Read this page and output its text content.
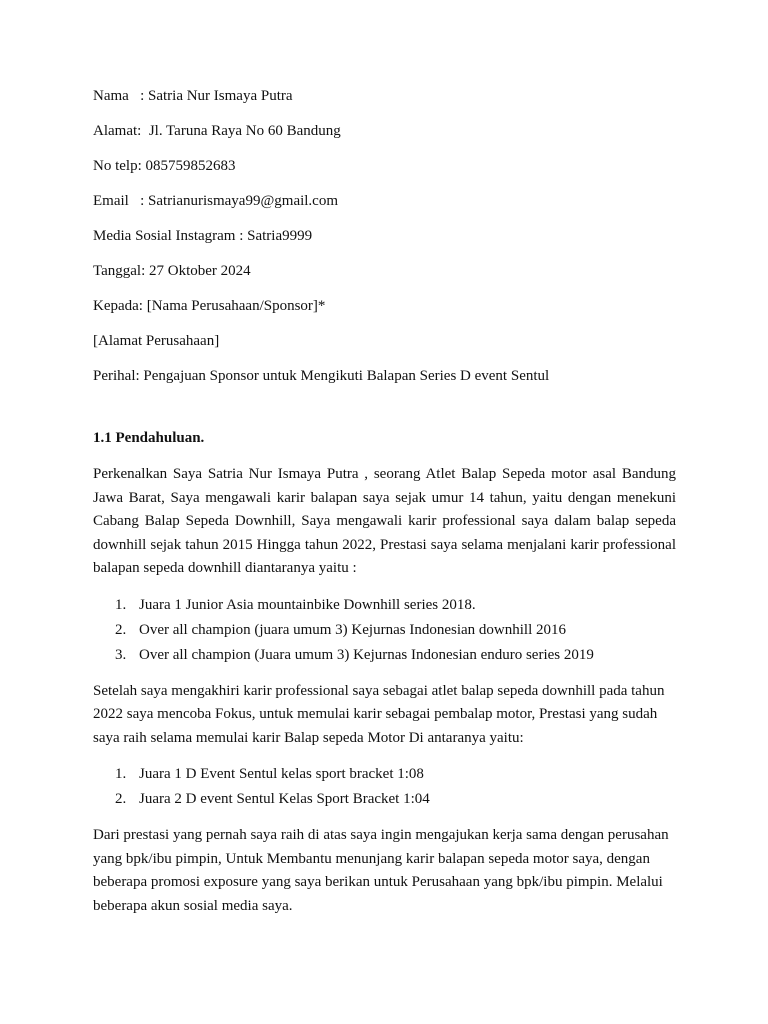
Nama   : Satria Nur Ismaya Putra

Alamat:  Jl. Taruna Raya No 60 Bandung

No telp: 085759852683

Email   : Satrianurismaya99@gmail.com

Media Sosial Instagram : Satria9999

Tanggal: 27 Oktober 2024

Kepada: [Nama Perusahaan/Sponsor]*

[Alamat Perusahaan]

Perihal: Pengajuan Sponsor untuk Mengikuti Balapan Series D event Sentul

1.1 Pendahuluan.

Perkenalkan Saya Satria Nur Ismaya Putra , seorang Atlet Balap Sepeda motor asal Bandung Jawa Barat, Saya mengawali karir balapan saya sejak umur 14 tahun, yaitu dengan menekuni Cabang Balap Sepeda Downhill, Saya mengawali karir professional saya dalam balap sepeda downhill sejak tahun 2015 Hingga tahun 2022, Prestasi saya selama menjalani karir professional balapan sepeda downhill diantaranya yaitu :

1. Juara 1 Junior Asia mountainbike Downhill series 2018.
2. Over all champion (juara umum 3) Kejurnas Indonesian downhill 2016
3. Over all champion (Juara umum 3) Kejurnas Indonesian enduro series 2019

Setelah saya mengakhiri karir professional saya sebagai atlet balap sepeda downhill pada tahun 2022 saya mencoba Fokus, untuk memulai karir sebagai pembalap motor, Prestasi yang sudah saya raih selama memulai karir Balap sepeda Motor Di antaranya yaitu:

1. Juara 1 D Event Sentul kelas sport bracket 1:08
2. Juara 2 D event Sentul Kelas Sport Bracket 1:04

Dari prestasi yang pernah saya raih di atas saya ingin mengajukan kerja sama dengan perusahan yang bpk/ibu pimpin, Untuk Membantu menunjang karir balapan sepeda motor saya, dengan beberapa promosi exposure yang saya berikan untuk Perusahaan yang bpk/ibu pimpin. Melalui beberapa akun sosial media saya.
